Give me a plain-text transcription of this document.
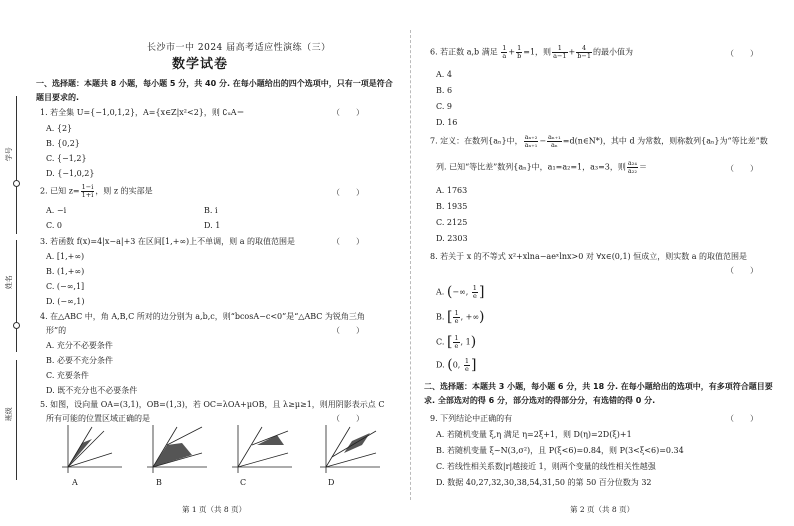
学号
姓名
班级
长沙市一中 2024 届高考适应性演练（三）
数学试卷
一、选择题：本题共 8 小题，每小题 5 分，共 40 分. 在每小题给出的四个选项中，只有一项是符合
题目要求的.
1. 若全集 U={−1,0,1,2}，A={x∈Z|x²<2}，则 ∁ᵤA＝	（　　）
A. {2}
B. {0,2}
C. {−1,2}
D. {−1,0,2}
2. 已知 $z= \frac{1-i}{1+i}$ ，则 z 的实部是	（　　）
A. −i	B. i
C. 0	D. 1
3. 若函数 f(x)=4|x−a|+3 在区间[1,+∞)上不单调，则 a 的取值范围是	（　　）
A. [1,+∞)
B. (1,+∞)
C. (−∞,1]
D. (−∞,1)
4. 在△ABC 中，角 A,B,C 所对的边分别为 a,b,c，则“bcosA−c<0”是“△ABC 为锐角三角
形”的	（　　）
A. 充分不必要条件
B. 必要不充分条件
C. 充要条件
D. 既不充分也不必要条件
5. 如图，设向量 OA=(3,1)，OB=(1,3)，若 OC=λOA+μOB，且 λ≥μ≥1，则用阴影表示点 C
所有可能的位置区域正确的是	（　　）
A	B	C	D
第 1 页（共 8 页）
6. 若正数 a,b 满足 $\frac{1}{a} + \frac{1}{b} =1$，则 $\frac{1}{a-1} + \frac{4}{b-1}$ 的最小值为	（　　）
A. 4
B. 6
C. 9
D. 16
7. 定义：在数列{aₙ}中， $\frac{\text{aₙ₊₂}}{\text{aₙ₊₁}} - \frac{\text{aₙ₊₁}}{\text{aₙ}}$ =d(n∈N*)，其中 d 为常数，则称数列{aₙ}为“等比差”数
列. 已知“等比差”数列{aₙ}中，a₁=a₂=1，a₃=3，则 $\frac{\text{a₂₄}}{\text{a₂₂}}$ ＝	（　　）
A. 1763
B. 1935
C. 2125
D. 2303
8. 若关于 x 的不等式 x²+xlna−aeˣlnx>0 对 ∀x∈(0,1) 恒成立，则实数 a 的取值范围是
（　　）
A. (−∞, $\frac{1}{e}$ ]
B. [ $\frac{1}{e}$ , +∞)
C. [ $\frac{1}{e}$ , 1)
D. (0, $\frac{1}{e}$ ]
二、选择题：本题共 3 小题，每小题 6 分，共 18 分. 在每小题给出的选项中，有多项符合题目要
求. 全部选对的得 6 分，部分选对的得部分分，有选错的得 0 分.
9. 下列结论中正确的有	（　　）
A. 若随机变量 ξ,η 满足 η=2ξ+1，则 D(η)=2D(ξ)+1
B. 若随机变量 ξ~N(3,σ²)，且 P(ξ<6)=0.84，则 P(3<ξ<6)=0.34
C. 若线性相关系数|r|越接近 1，则两个变量的线性相关性越强
D. 数据 40,27,32,30,38,54,31,50 的第 50 百分位数为 32
第 2 页（共 8 页）
